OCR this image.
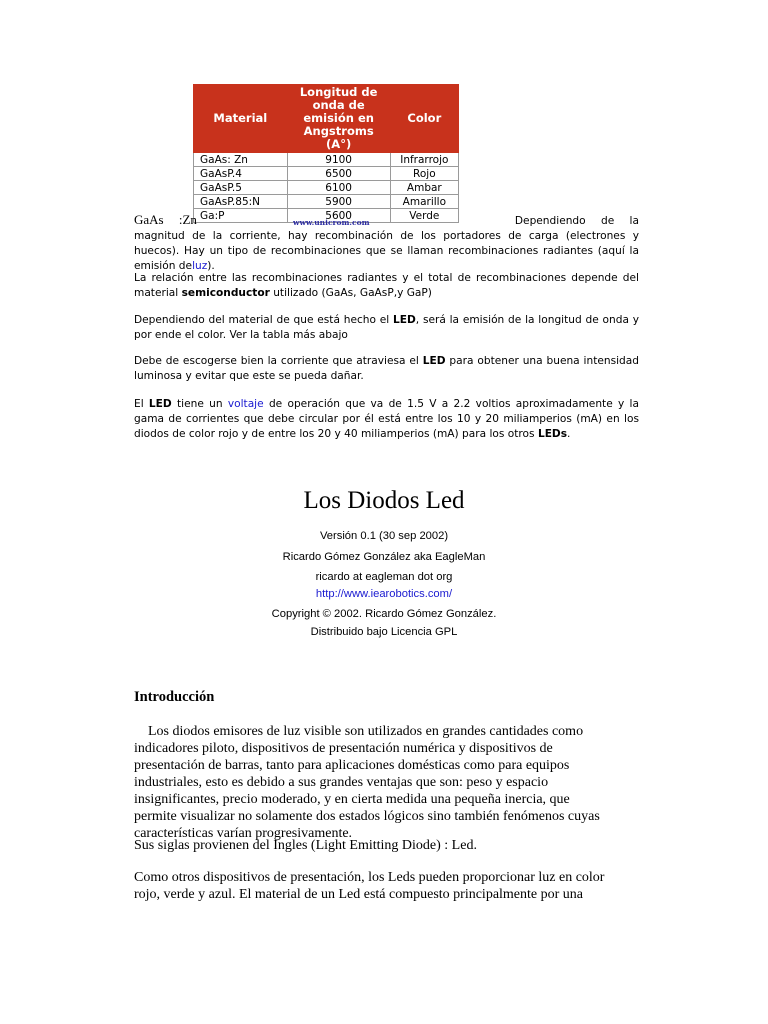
Material	Longitud de onda de emisión en Angstroms (A°)	Color
GaAs: Zn	9100	Infrarrojo
GaAsP.4	6500	Rojo
GaAsP.5	6100	Ambar
GaAsP.85:N	5900	Amarillo
Ga:P	5600	Verde
www.unicrom.com

GaAs :Zn	Dependiendo de la magnitud de la corriente, hay recombinación de los portadores de carga (electrones y huecos). Hay un tipo de recombinaciones que se llaman recombinaciones radiantes (aquí la emisión deluz).

La relación entre las recombinaciones radiantes y el total de recombinaciones depende del material semiconductor utilizado (GaAs, GaAsP,y GaP)

Dependiendo del material de que está hecho el LED, será la emisión de la longitud de onda y por ende el color. Ver la tabla más abajo

Debe de escogerse bien la corriente que atraviesa el LED para obtener una buena intensidad luminosa y evitar que este se pueda dañar.

El LED tiene un voltaje de operación que va de 1.5 V a 2.2 voltios aproximadamente y la gama de corrientes que debe circular por él está entre los 10 y 20 miliamperios (mA) en los diodos de color rojo y de entre los 20 y 40 miliamperios (mA) para los otros LEDs.

Los Diodos Led
Versión 0.1 (30 sep 2002)
Ricardo Gómez González aka EagleMan
ricardo at eagleman dot org
http://www.iearobotics.com/
Copyright © 2002. Ricardo Gómez González.
Distribuido bajo Licencia GPL
Introducción

Los diodos emisores de luz visible son utilizados en grandes cantidades como indicadores piloto, dispositivos de presentación numérica y dispositivos de presentación de barras, tanto para aplicaciones domésticas como para equipos industriales, esto es debido a sus grandes ventajas que son: peso y espacio insignificantes, precio moderado, y en cierta medida una pequeña inercia, que permite visualizar no solamente dos estados lógicos sino también fenómenos cuyas características varían progresivamente.

Sus siglas provienen del Ingles (Light Emitting Diode) : Led.

Como otros dispositivos de presentación, los Leds pueden proporcionar luz en color rojo, verde y azul. El material de un Led está compuesto principalmente por una
